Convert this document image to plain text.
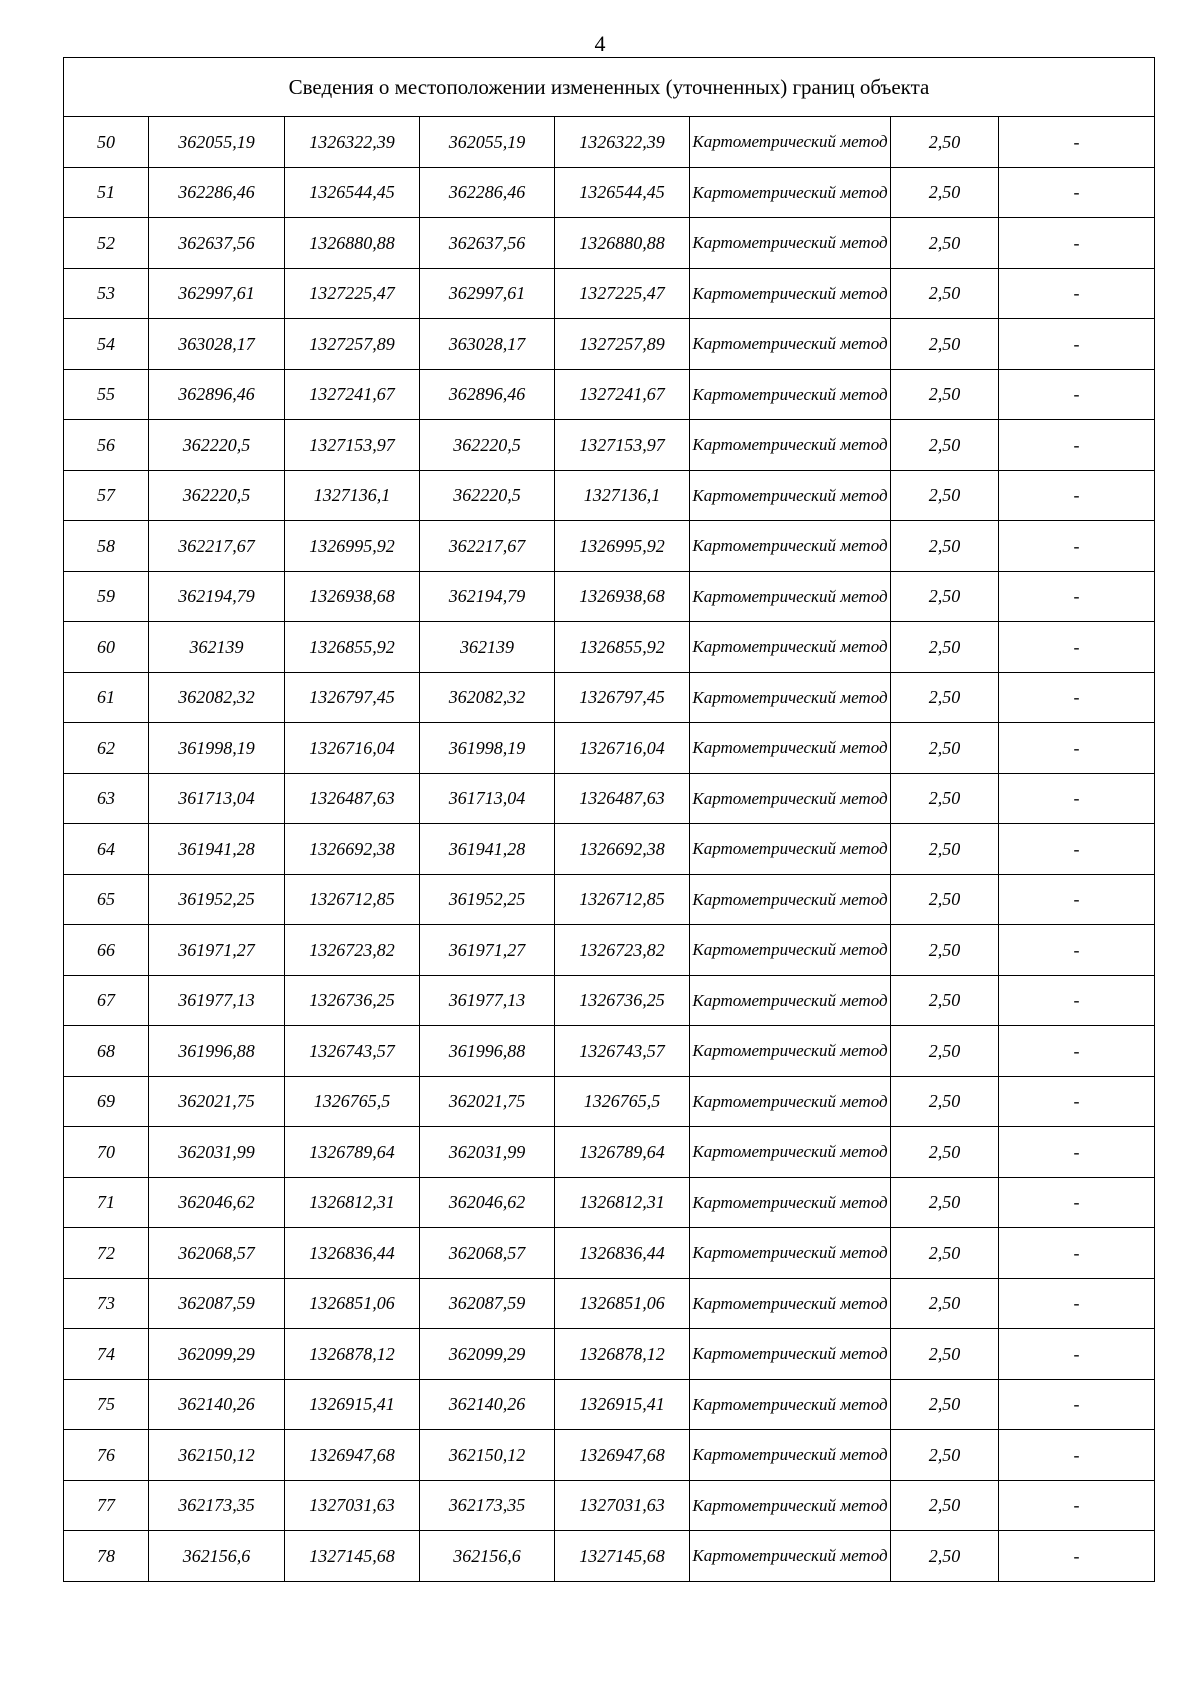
4
Сведения о местоположении измененных (уточненных) границ объекта							
50	362055,19	1326322,39	362055,19	1326322,39	Картометрический метод	2,50	-
51	362286,46	1326544,45	362286,46	1326544,45	Картометрический метод	2,50	-
52	362637,56	1326880,88	362637,56	1326880,88	Картометрический метод	2,50	-
53	362997,61	1327225,47	362997,61	1327225,47	Картометрический метод	2,50	-
54	363028,17	1327257,89	363028,17	1327257,89	Картометрический метод	2,50	-
55	362896,46	1327241,67	362896,46	1327241,67	Картометрический метод	2,50	-
56	362220,5	1327153,97	362220,5	1327153,97	Картометрический метод	2,50	-
57	362220,5	1327136,1	362220,5	1327136,1	Картометрический метод	2,50	-
58	362217,67	1326995,92	362217,67	1326995,92	Картометрический метод	2,50	-
59	362194,79	1326938,68	362194,79	1326938,68	Картометрический метод	2,50	-
60	362139	1326855,92	362139	1326855,92	Картометрический метод	2,50	-
61	362082,32	1326797,45	362082,32	1326797,45	Картометрический метод	2,50	-
62	361998,19	1326716,04	361998,19	1326716,04	Картометрический метод	2,50	-
63	361713,04	1326487,63	361713,04	1326487,63	Картометрический метод	2,50	-
64	361941,28	1326692,38	361941,28	1326692,38	Картометрический метод	2,50	-
65	361952,25	1326712,85	361952,25	1326712,85	Картометрический метод	2,50	-
66	361971,27	1326723,82	361971,27	1326723,82	Картометрический метод	2,50	-
67	361977,13	1326736,25	361977,13	1326736,25	Картометрический метод	2,50	-
68	361996,88	1326743,57	361996,88	1326743,57	Картометрический метод	2,50	-
69	362021,75	1326765,5	362021,75	1326765,5	Картометрический метод	2,50	-
70	362031,99	1326789,64	362031,99	1326789,64	Картометрический метод	2,50	-
71	362046,62	1326812,31	362046,62	1326812,31	Картометрический метод	2,50	-
72	362068,57	1326836,44	362068,57	1326836,44	Картометрический метод	2,50	-
73	362087,59	1326851,06	362087,59	1326851,06	Картометрический метод	2,50	-
74	362099,29	1326878,12	362099,29	1326878,12	Картометрический метод	2,50	-
75	362140,26	1326915,41	362140,26	1326915,41	Картометрический метод	2,50	-
76	362150,12	1326947,68	362150,12	1326947,68	Картометрический метод	2,50	-
77	362173,35	1327031,63	362173,35	1327031,63	Картометрический метод	2,50	-
78	362156,6	1327145,68	362156,6	1327145,68	Картометрический метод	2,50	-
